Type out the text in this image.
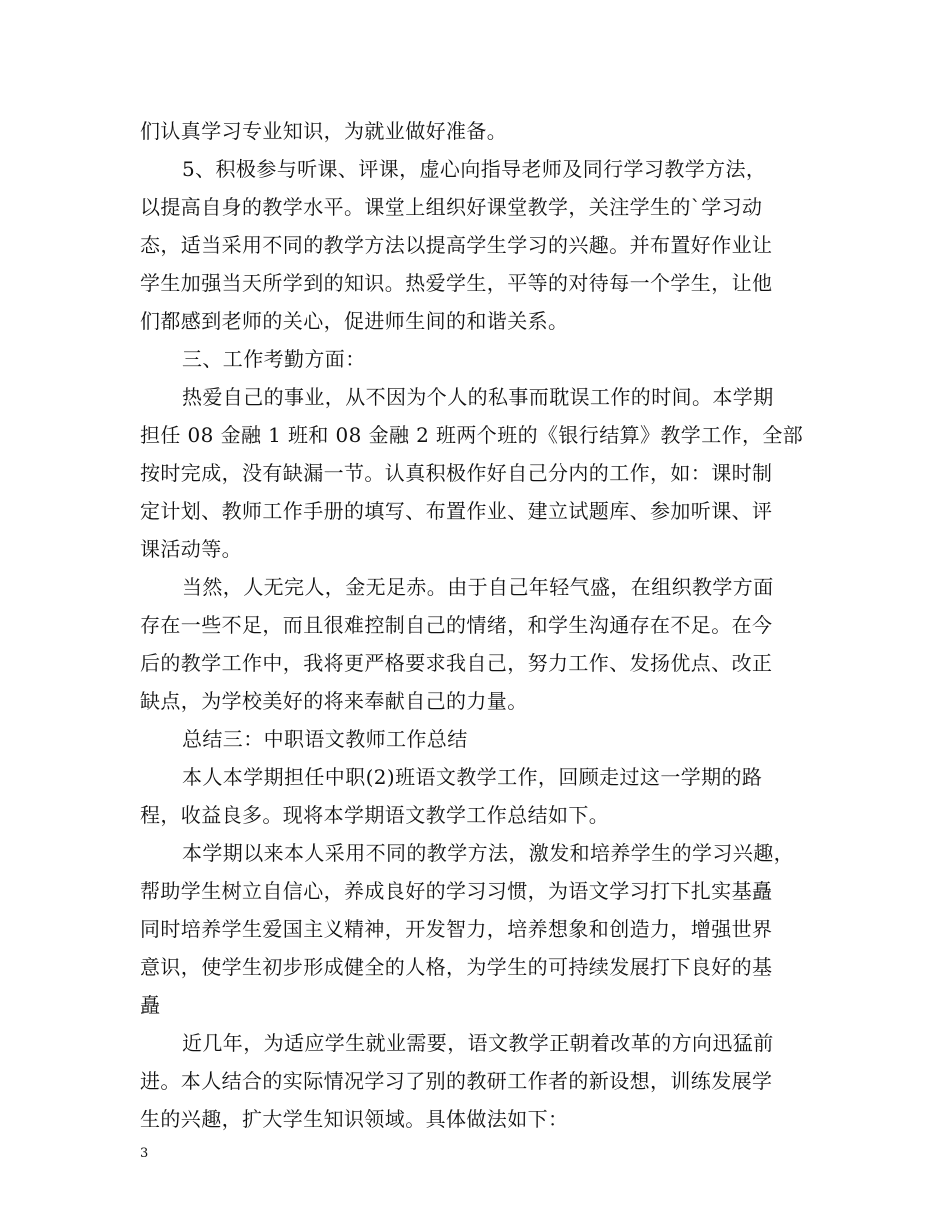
们认真学习专业知识，为就业做好准备。
5、积极参与听课、评课，虚心向指导老师及同行学习教学方法，
以提高自身的教学水平。课堂上组织好课堂教学，关注学生的`学习动
态，适当采用不同的教学方法以提高学生学习的兴趣。并布置好作业让
学生加强当天所学到的知识。热爱学生，平等的对待每一个学生，让他
们都感到老师的关心，促进师生间的和谐关系。
三、工作考勤方面：
热爱自己的事业，从不因为个人的私事而耽误工作的时间。本学期
担任 08 金融 1 班和 08 金融 2 班两个班的《银行结算》教学工作，全部
按时完成，没有缺漏一节。认真积极作好自己分内的工作，如：课时制
定计划、教师工作手册的填写、布置作业、建立试题库、参加听课、评
课活动等。
当然，人无完人，金无足赤。由于自己年轻气盛，在组织教学方面
存在一些不足，而且很难控制自己的情绪，和学生沟通存在不足。在今
后的教学工作中，我将更严格要求我自己，努力工作、发扬优点、改正
缺点，为学校美好的将来奉献自己的力量。
总结三：中职语文教师工作总结
本人本学期担任中职(2)班语文教学工作，回顾走过这一学期的路
程，收益良多。现将本学期语文教学工作总结如下。
本学期以来本人采用不同的教学方法，激发和培养学生的学习兴趣，
帮助学生树立自信心，养成良好的学习习惯，为语文学习打下扎实基矗
同时培养学生爱国主义精神，开发智力，培养想象和创造力，增强世界
意识，使学生初步形成健全的人格，为学生的可持续发展打下良好的基
矗
近几年，为适应学生就业需要，语文教学正朝着改革的方向迅猛前
进。本人结合的实际情况学习了别的教研工作者的新设想，训练发展学
生的兴趣，扩大学生知识领域。具体做法如下：
3
